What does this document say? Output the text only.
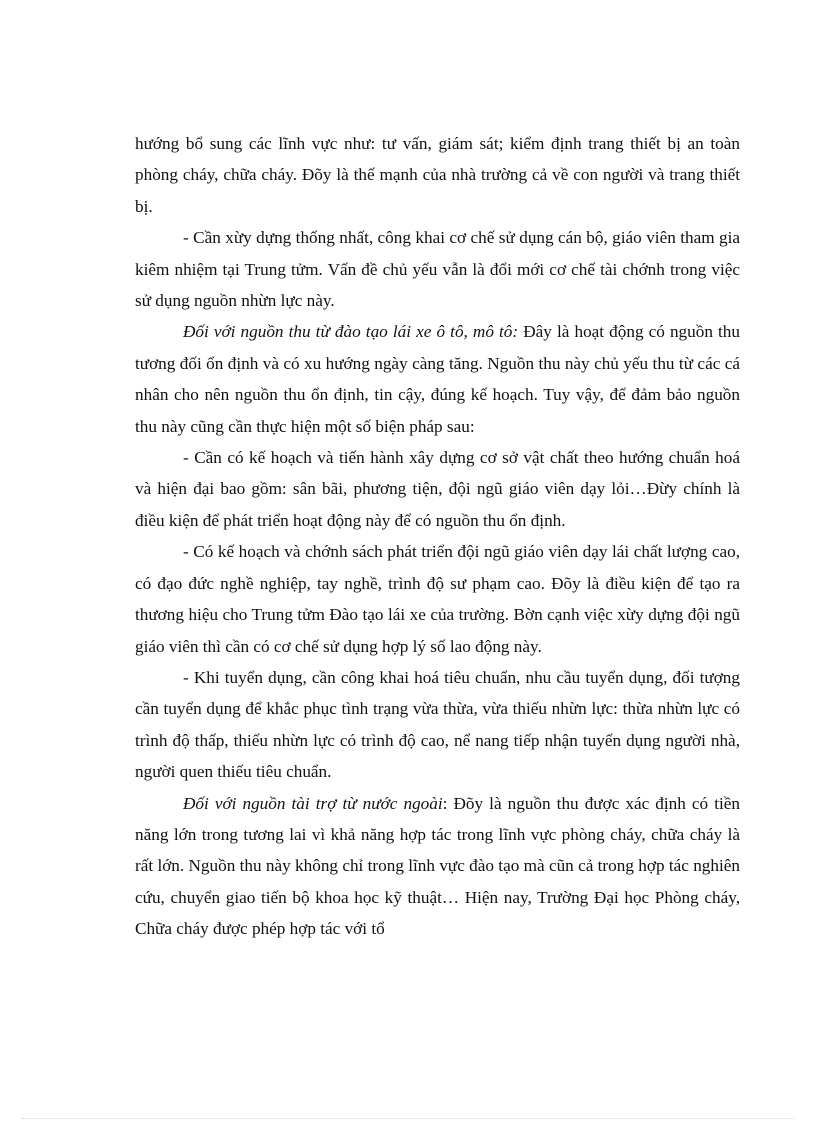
hướng bổ sung các lĩnh vực như: tư vấn, giám sát; kiểm định trang thiết bị an toàn phòng cháy, chữa cháy. Đõy là thế mạnh của nhà trường cả về con người và trang thiết bị.

- Cần xừy dựng thống nhất, công khai cơ chế sử dụng cán bộ, giáo viên tham gia kiêm nhiệm tại Trung tửm. Vấn đề chủ yếu vẫn là đổi mới cơ chế tài chớnh trong việc sử dụng nguồn nhừn lực này.

Đối với nguồn thu từ đào tạo lái xe ô tô, mô tô: Đây là hoạt động có nguồn thu tương đối ổn định và có xu hướng ngày càng tăng. Nguồn thu này chủ yếu thu từ các cá nhân cho nên nguồn thu ổn định, tin cậy, đúng kế hoạch. Tuy vậy, để đảm bảo nguồn thu này cũng cần thực hiện một số biện pháp sau:

- Cần có kế hoạch và tiến hành xây dựng cơ sở vật chất theo hướng chuẩn hoá và hiện đại bao gồm: sân bãi, phương tiện, đội ngũ giáo viên dạy lỏi…Đừy chính là điều kiện để phát triển hoạt động này để có nguồn thu ổn định.

- Có kế hoạch và chớnh sách phát triển đội ngũ giáo viên dạy lái chất lượng cao, có đạo đức nghề nghiệp, tay nghề, trình độ sư phạm cao. Đõy là điều kiện để tạo ra thương hiệu cho Trung tửm Đào tạo lái xe của trường. Bờn cạnh việc xừy dựng đội ngũ giáo viên thì cần có cơ chế sử dụng hợp lý số lao động này.

- Khi tuyển dụng, cần công khai hoá tiêu chuẩn, nhu cầu tuyển dụng, đối tượng cần tuyển dụng để khắc phục tình trạng vừa thừa, vừa thiếu nhừn lực: thừa nhừn lực có trình độ thấp, thiếu nhừn lực có trình độ cao, nể nang tiếp nhận tuyển dụng người nhà, người quen thiếu tiêu chuẩn.

Đối với nguồn tài trợ từ nước ngoài: Đõy là nguồn thu được xác định có tiền năng lớn trong tương lai vì khả năng hợp tác trong lĩnh vực phòng cháy, chữa cháy là rất lớn. Nguồn thu này không chỉ trong lĩnh vực đào tạo mà cũn cả trong hợp tác nghiên cứu, chuyển giao tiến bộ khoa học kỹ thuật… Hiện nay, Trường Đại học Phòng cháy, Chữa cháy được phép hợp tác với tổ
